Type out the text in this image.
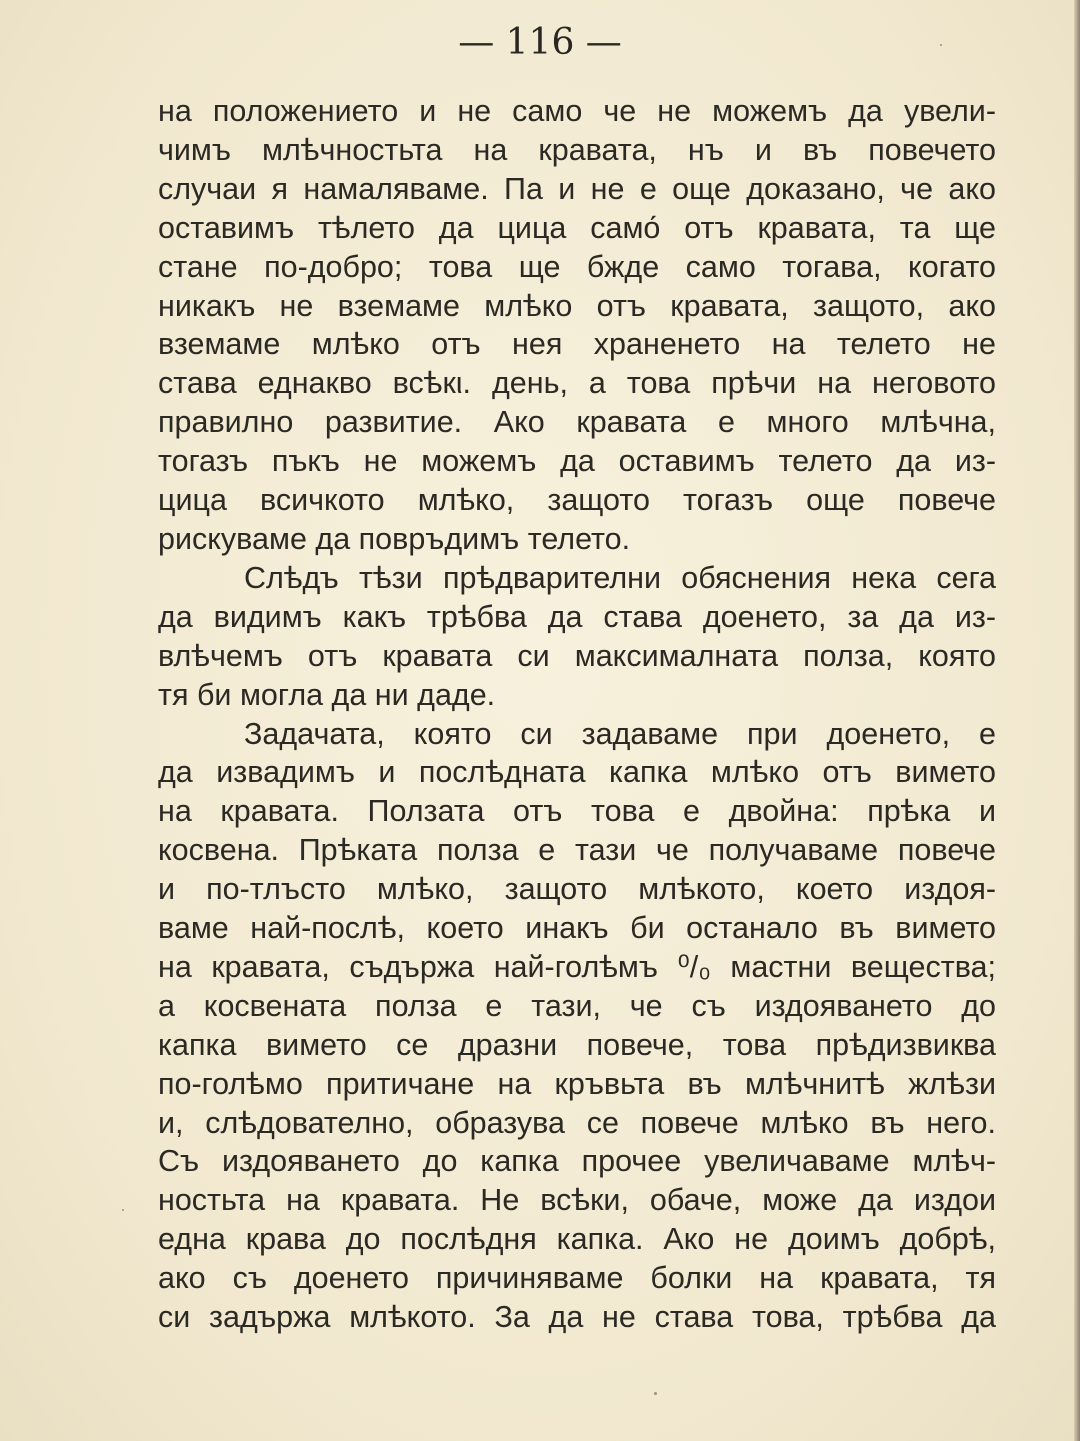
— 116 —
на положението и не само че не можемъ да увели-
чимъ млѣчностьта на кравата, нъ и въ повечето
случаи я намаляваме. Па и не е още доказано, че ако
оставимъ тѣлето да цица само́ отъ кравата, та ще
стане по-добро; това ще бжде само тогава, когато
никакъ не вземаме млѣко отъ кравата, защото, ако
вземаме млѣко отъ нея храненето на телето не
става еднакво всѣкι. день, а това прѣчи на неговото
правилно развитие. Ако кравата е много млѣчна,
тогазъ пъкъ не можемъ да оставимъ телето да из-
цица всичкото млѣко, защото тогазъ още повече
рискуваме да повръдимъ телето.
Слѣдъ тѣзи прѣдварителни обяснения нека сега
да видимъ какъ трѣбва да става доенето, за да из-
влѣчемъ отъ кравата си максималната полза, която
тя би могла да ни даде.
Задачата, която си задаваме при доенето, е
да извадимъ и послѣдната капка млѣко отъ вимето
на кравата. Ползата отъ това е двойна: прѣка и
косвена. Прѣката полза е тази че получаваме повече
и по-тлъсто млѣко, защото млѣкото, което издоя-
ваме най-послѣ, което инакъ би останало въ вимето
на кравата, съдържа най-голѣмъ ⁰/₀ мастни вещества;
а косвената полза е тази, че съ издояването до
капка вимето се дразни повече, това прѣдизвиква
по-голѣмо притичане на кръвьта въ млѣчнитѣ жлѣзи
и, слѣдователно, образува се повече млѣко въ него.
Съ издояването до капка прочее увеличаваме млѣч-
ностьта на кравата. Не всѣки, обаче, може да издои
една крава до послѣдня капка. Ако не доимъ добрѣ,
ако съ доенето причиняваме болки на кравата, тя
си задържа млѣкото. За да не става това, трѣбва да
